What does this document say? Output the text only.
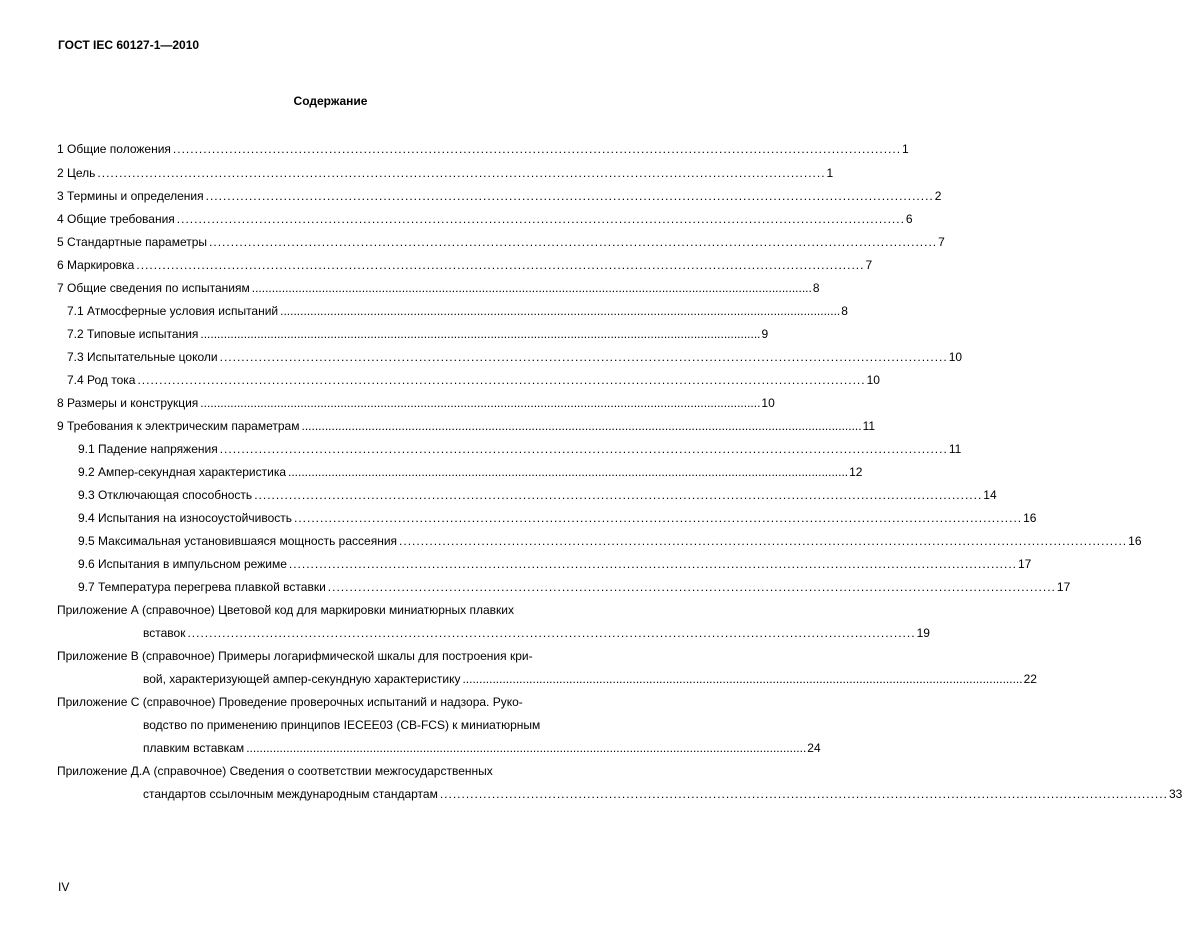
ГОСТ IEC 60127-1—2010
Содержание
1 Общие положения ........................................................................................................................................................................ 1
2 Цель ........................................................................................................................................................................ 1
3 Термины и определения ........................................................................................................................................................................ 2
4 Общие требования ........................................................................................................................................................................ 6
5 Стандартные параметры ........................................................................................................................................................................ 7
6 Маркировка ........................................................................................................................................................................ 7
7 Общие сведения по испытаниям ........................................................................................................................................................................ 8
7.1 Атмосферные условия испытаний ........................................................................................................................................................................ 8
7.2 Типовые испытания ........................................................................................................................................................................ 9
7.3 Испытательные цоколи ........................................................................................................................................................................ 10
7.4 Род тока ........................................................................................................................................................................ 10
8 Размеры и конструкция ........................................................................................................................................................................ 10
9 Требования к электрическим параметрам ........................................................................................................................................................................ 11
9.1 Падение напряжения ........................................................................................................................................................................ 11
9.2 Ампер-секундная характеристика ........................................................................................................................................................................ 12
9.3 Отключающая способность ........................................................................................................................................................................ 14
9.4 Испытания на износоустойчивость ........................................................................................................................................................................ 16
9.5 Максимальная установившаяся мощность рассеяния ........................................................................................................................................................................ 16
9.6 Испытания в импульсном режиме ........................................................................................................................................................................ 17
9.7 Температура перегрева плавкой вставки ........................................................................................................................................................................ 17
Приложение А (справочное) Цветовой код для маркировки миниатюрных плавких
вставок ........................................................................................................................................................................ 19
Приложение В (справочное) Примеры логарифмической шкалы для построения кри-
вой, характеризующей ампер-секундную характеристику ........................................................................................................................................................................ 22
Приложение С (справочное) Проведение проверочных испытаний и надзора. Руко-
водство по применению принципов IECEE03 (CB-FCS) к миниатюрным
плавким вставкам ........................................................................................................................................................................ 24
Приложение Д.А (справочное) Сведения о соответствии межгосударственных
стандартов ссылочным международным стандартам ........................................................................................................................................................................ 33
IV
